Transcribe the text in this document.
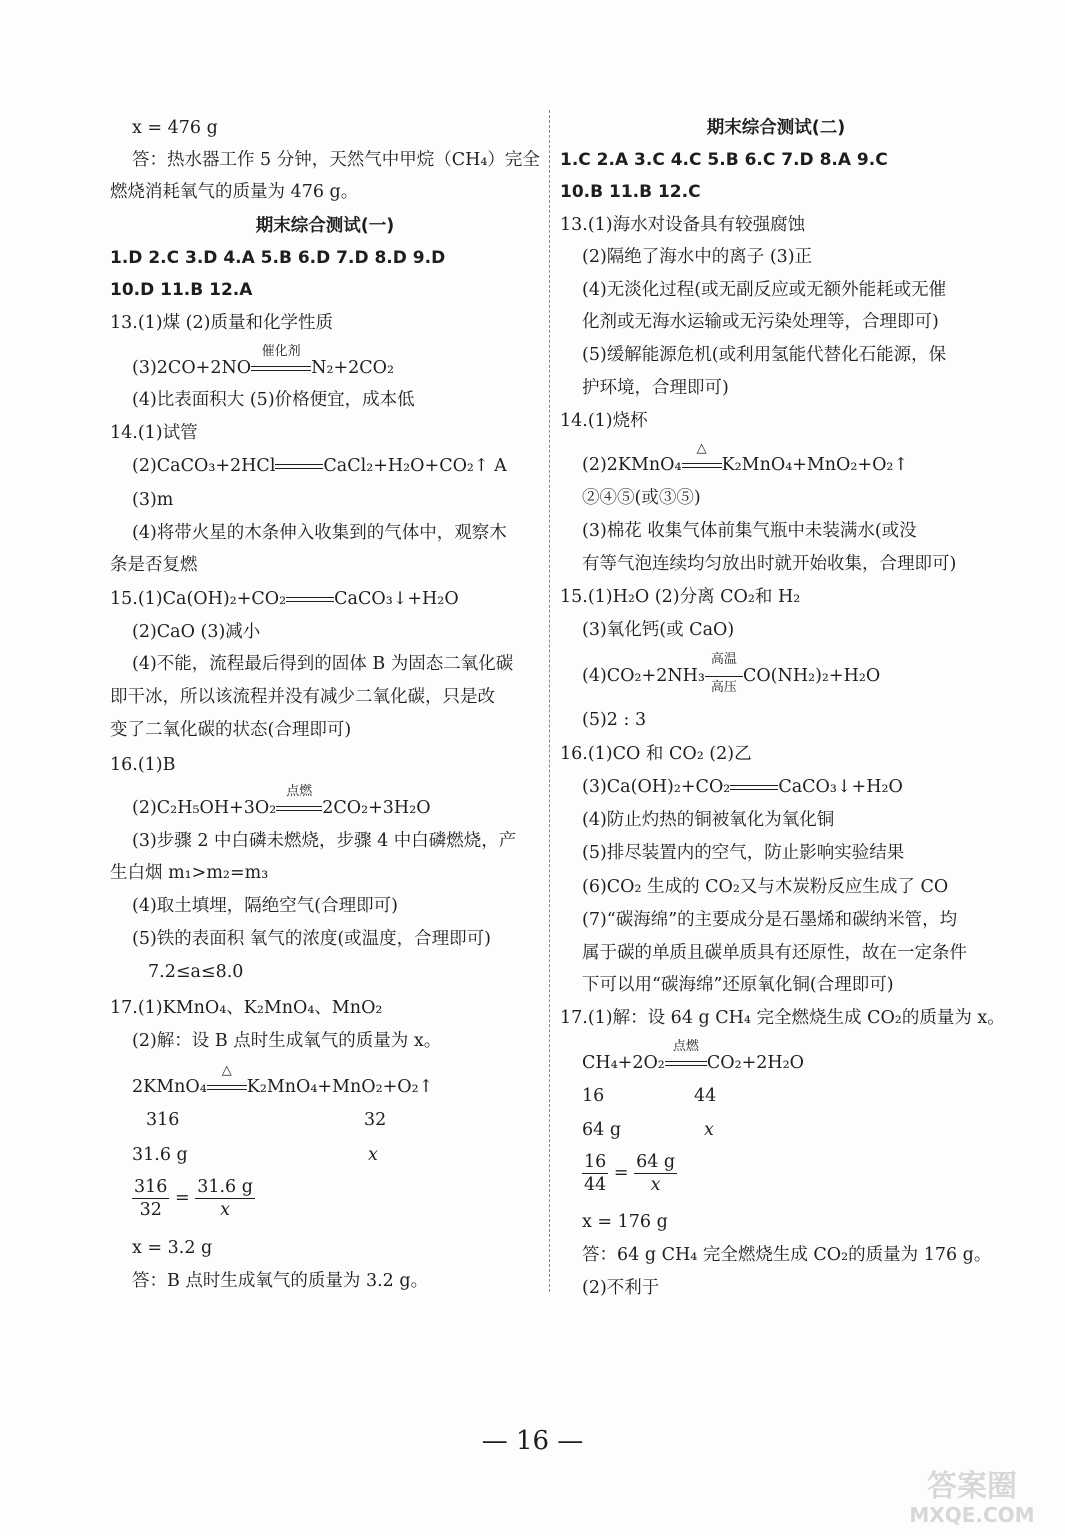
x = 476 g
答：热水器工作 5 分钟，天然气中甲烷（CH₄）完全
燃烧消耗氧气的质量为 476 g。
期末综合测试(一)
1.D 2.C 3.D 4.A 5.B 6.D 7.D 8.D 9.D
10.D 11.B 12.A
13.(1)煤 (2)质量和化学性质
(3)2CO+2NO
催化剂
N₂+2CO₂
(4)比表面积大 (5)价格便宜，成本低
14.(1)试管
(2)CaCO₃+2HCl	CaCl₂+H₂O+CO₂↑ A
(3)m
(4)将带火星的木条伸入收集到的气体中，观察木
条是否复燃
15.(1)Ca(OH)₂+CO₂	CaCO₃↓+H₂O
(2)CaO (3)减小
(4)不能，流程最后得到的固体 B 为固态二氧化碳
即干冰，所以该流程并没有减少二氧化碳，只是改
变了二氧化碳的状态(合理即可)
16.(1)B
(2)C₂H₅OH+3O₂
点燃
2CO₂+3H₂O
(3)步骤 2 中白磷未燃烧，步骤 4 中白磷燃烧，产
生白烟 m₁>m₂=m₃
(4)取土填埋，隔绝空气(合理即可)
(5)铁的表面积 氧气的浓度(或温度，合理即可)
7.2≤a≤8.0
17.(1)KMnO₄、K₂MnO₄、MnO₂
(2)解：设 B 点时生成氧气的质量为 x。
2KMnO₄
△
K₂MnO₄+MnO₂+O₂↑
316	32
31.6 g	x
$\frac{316}{32} = \frac{31.6 g}{x}$
x = 3.2 g
答：B 点时生成氧气的质量为 3.2 g。
期末综合测试(二)
1.C 2.A 3.C 4.C 5.B 6.C 7.D 8.A 9.C
10.B 11.B 12.C
13.(1)海水对设备具有较强腐蚀
(2)隔绝了海水中的离子 (3)正
(4)无淡化过程(或无副反应或无额外能耗或无催
化剂或无海水运输或无污染处理等，合理即可)
(5)缓解能源危机(或利用氢能代替化石能源，保
护环境，合理即可)
14.(1)烧杯
(2)2KMnO₄
△
K₂MnO₄+MnO₂+O₂↑
②④⑤(或③⑤)
(3)棉花 收集气体前集气瓶中未装满水(或没
有等气泡连续均匀放出时就开始收集，合理即可)
15.(1)H₂O (2)分离 CO₂和 H₂
(3)氧化钙(或 CaO)
(4)CO₂+2NH₃
高温
高压
CO(NH₂)₂+H₂O
(5)2 : 3
16.(1)CO 和 CO₂ (2)乙
(3)Ca(OH)₂+CO₂	CaCO₃↓+H₂O
(4)防止灼热的铜被氧化为氧化铜
(5)排尽装置内的空气，防止影响实验结果
(6)CO₂ 生成的 CO₂又与木炭粉反应生成了 CO
(7)“碳海绵”的主要成分是石墨烯和碳纳米管，均
属于碳的单质且碳单质具有还原性，故在一定条件
下可以用“碳海绵”还原氧化铜(合理即可)
17.(1)解：设 64 g CH₄ 完全燃烧生成 CO₂的质量为 x。
CH₄+2O₂
点燃
CO₂+2H₂O
16	44
64 g	x
$\frac{16}{44} = \frac{64 g}{x}$
x = 176 g
答：64 g CH₄ 完全燃烧生成 CO₂的质量为 176 g。
(2)不利于
— 16 —
答案圈
MXQE.COM
